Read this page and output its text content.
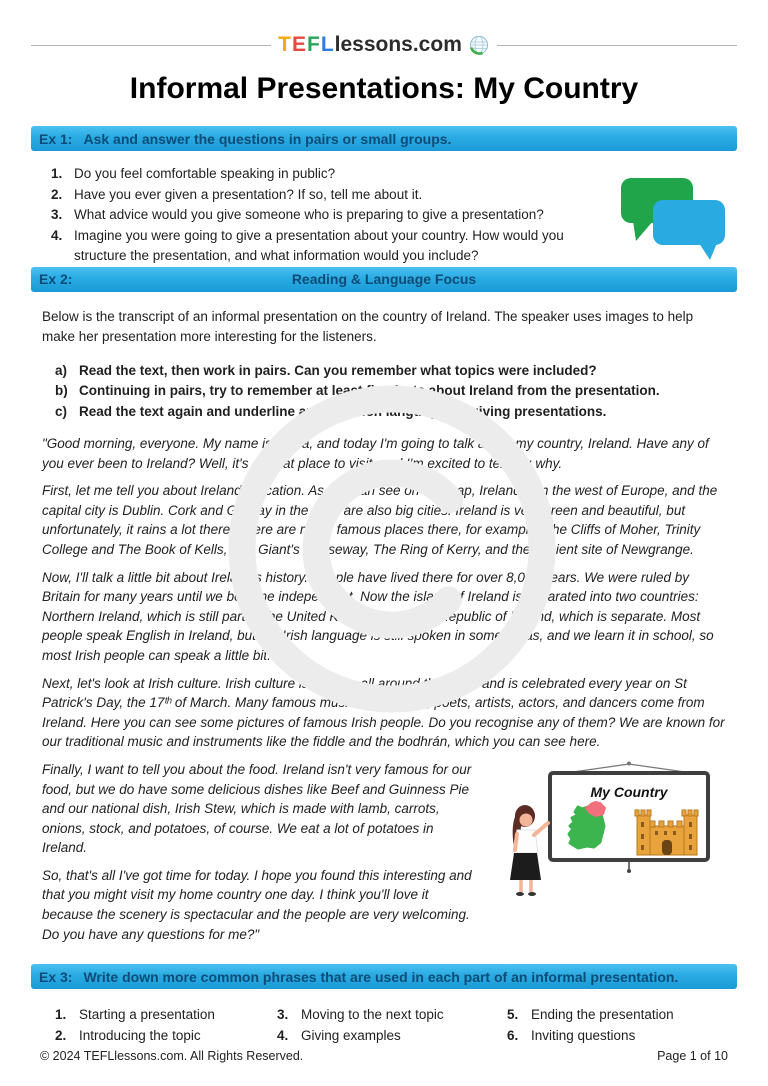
T E F L lessons.com
Informal Presentations: My Country
Ex 1: Ask and answer the questions in pairs or small groups.
1. Do you feel comfortable speaking in public?
2. Have you ever given a presentation? If so, tell me about it.
3. What advice would you give someone who is preparing to give a presentation?
4. Imagine you were going to give a presentation about your country. How would you structure the presentation, and what information would you include?
Ex 2:	Reading & Language Focus

Below is the transcript of an informal presentation on the country of Ireland. The speaker uses images to help make her presentation more interesting for the listeners.

a) Read the text, then work in pairs. Can you remember what topics were included?
b) Continuing in pairs, try to remember at least five facts about Ireland from the presentation.
c) Read the text again and underline any common language for giving presentations.

"Good morning, everyone. My name is Fiona, and today I'm going to talk about my country, Ireland. Have any of you ever been to Ireland? Well, it's a great place to visit, and I'm excited to tell you why.

First, let me tell you about Ireland's location. As you can see on the map, Ireland is in the west of Europe, and the capital city is Dublin. Cork and Galway in the west are also big cities. Ireland is very green and beautiful, but unfortunately, it rains a lot there! There are many famous places there, for example, The Cliffs of Moher, Trinity College and The Book of Kells, The Giant's Causeway, The Ring of Kerry, and the ancient site of Newgrange.

Now, I'll talk a little bit about Ireland's history. People have lived there for over 8,000 years. We were ruled by Britain for many years until we became independent. Now the island of Ireland is separated into two countries: Northern Ireland, which is still part of the United Kingdom, and the Republic of Ireland, which is separate. Most people speak English in Ireland, but the Irish language is still spoken in some areas, and we learn it in school, so most Irish people can speak a little bit.

Next, let's look at Irish culture. Irish culture is famous all around the world and is celebrated every year on St Patrick's Day, the 17ᵗʰ of March. Many famous musicians, writers, poets, artists, actors, and dancers come from Ireland. Here you can see some pictures of famous Irish people. Do you recognise any of them? We are known for our traditional music and instruments like the fiddle and the bodhrán, which you can see here.

My Country

Finally, I want to tell you about the food. Ireland isn't very famous for our food, but we do have some delicious dishes like Beef and Guinness Pie and our national dish, Irish Stew, which is made with lamb, carrots, onions, stock, and potatoes, of course. We eat a lot of potatoes in Ireland.

So, that's all I've got time for today. I hope you found this interesting and that you might visit my home country one day. I think you'll love it because the scenery is spectacular and the people are very welcoming. Do you have any questions for me?"

Ex 3: Write down more common phrases that are used in each part of an informal presentation.
1. Starting a presentation
2. Introducing the topic
3. Moving to the next topic
4. Giving examples
5. Ending the presentation
6. Inviting questions
© 2024 TEFLlessons.com. All Rights Reserved.	Page 1 of 10
